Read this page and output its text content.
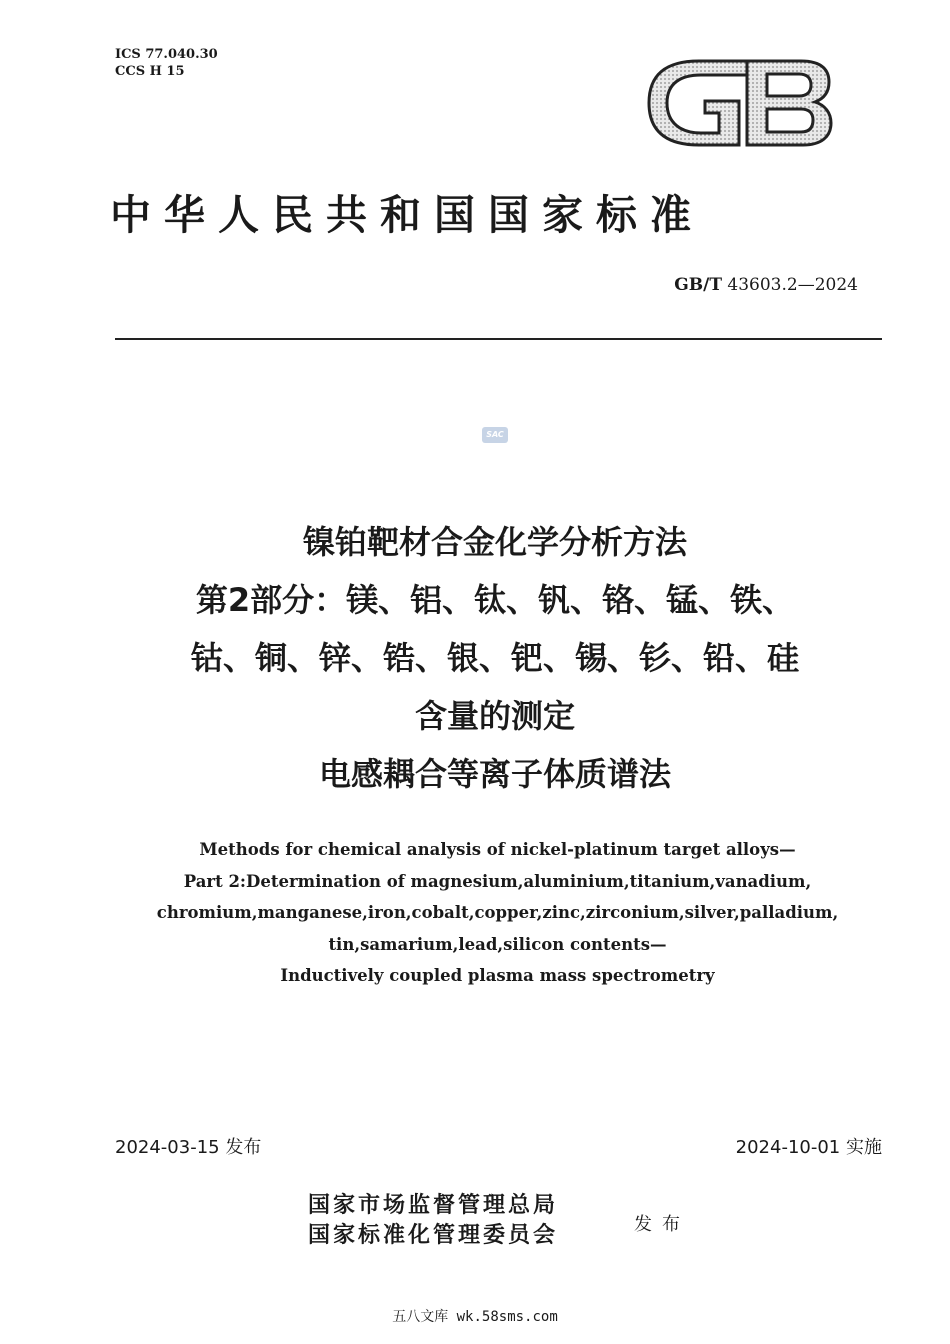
ICS 77.040.30
CCS H 15
中华人民共和国国家标准
GB/T 43603.2—2024
SAC
镍铂靶材合金化学分析方法
第2部分：镁、铝、钛、钒、铬、锰、铁、
钴、铜、锌、锆、银、钯、锡、钐、铅、硅
含量的测定
电感耦合等离子体质谱法
Methods for chemical analysis of nickel-platinum target alloys—
Part 2:Determination of magnesium,aluminium,titanium,vanadium,
chromium,manganese,iron,cobalt,copper,zinc,zirconium,silver,palladium,
tin,samarium,lead,silicon contents—
Inductively coupled plasma mass spectrometry
2024-03-15 发布	2024-10-01 实施
国家市场监督管理总局
国家标准化管理委员会	发布
五八文库 wk.58sms.com
